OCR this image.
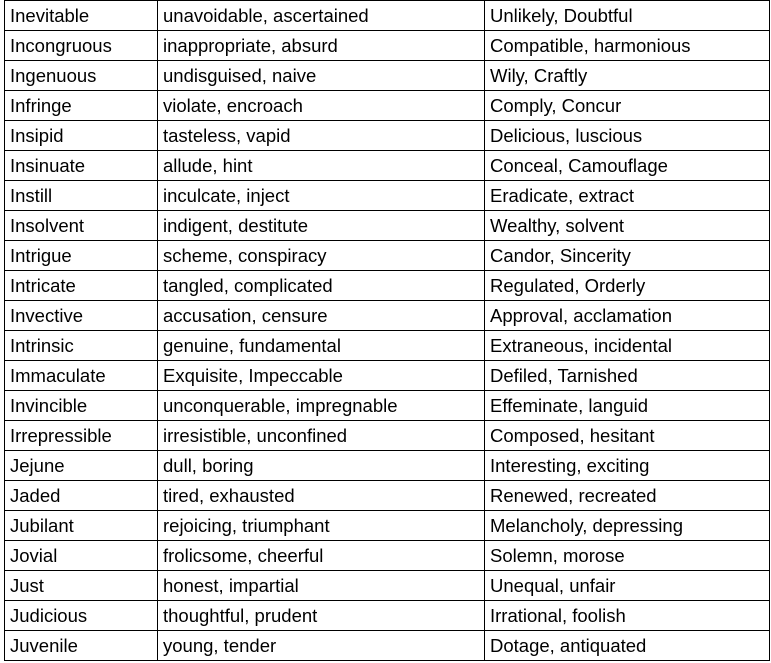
Inevitable	unavoidable, ascertained	Unlikely, Doubtful
Incongruous	inappropriate, absurd	Compatible, harmonious
Ingenuous	undisguised, naive	Wily, Craftly
Infringe	violate, encroach	Comply, Concur
Insipid	tasteless, vapid	Delicious, luscious
Insinuate	allude, hint	Conceal, Camouflage
Instill	inculcate, inject	Eradicate, extract
Insolvent	indigent, destitute	Wealthy, solvent
Intrigue	scheme, conspiracy	Candor, Sincerity
Intricate	tangled, complicated	Regulated, Orderly
Invective	accusation, censure	Approval, acclamation
Intrinsic	genuine, fundamental	Extraneous, incidental
Immaculate	Exquisite, Impeccable	Defiled, Tarnished
Invincible	unconquerable, impregnable	Effeminate, languid
Irrepressible	irresistible, unconfined	Composed, hesitant
Jejune	dull, boring	Interesting, exciting
Jaded	tired, exhausted	Renewed, recreated
Jubilant	rejoicing, triumphant	Melancholy, depressing
Jovial	frolicsome, cheerful	Solemn, morose
Just	honest, impartial	Unequal, unfair
Judicious	thoughtful, prudent	Irrational, foolish
Juvenile	young, tender	Dotage, antiquated
